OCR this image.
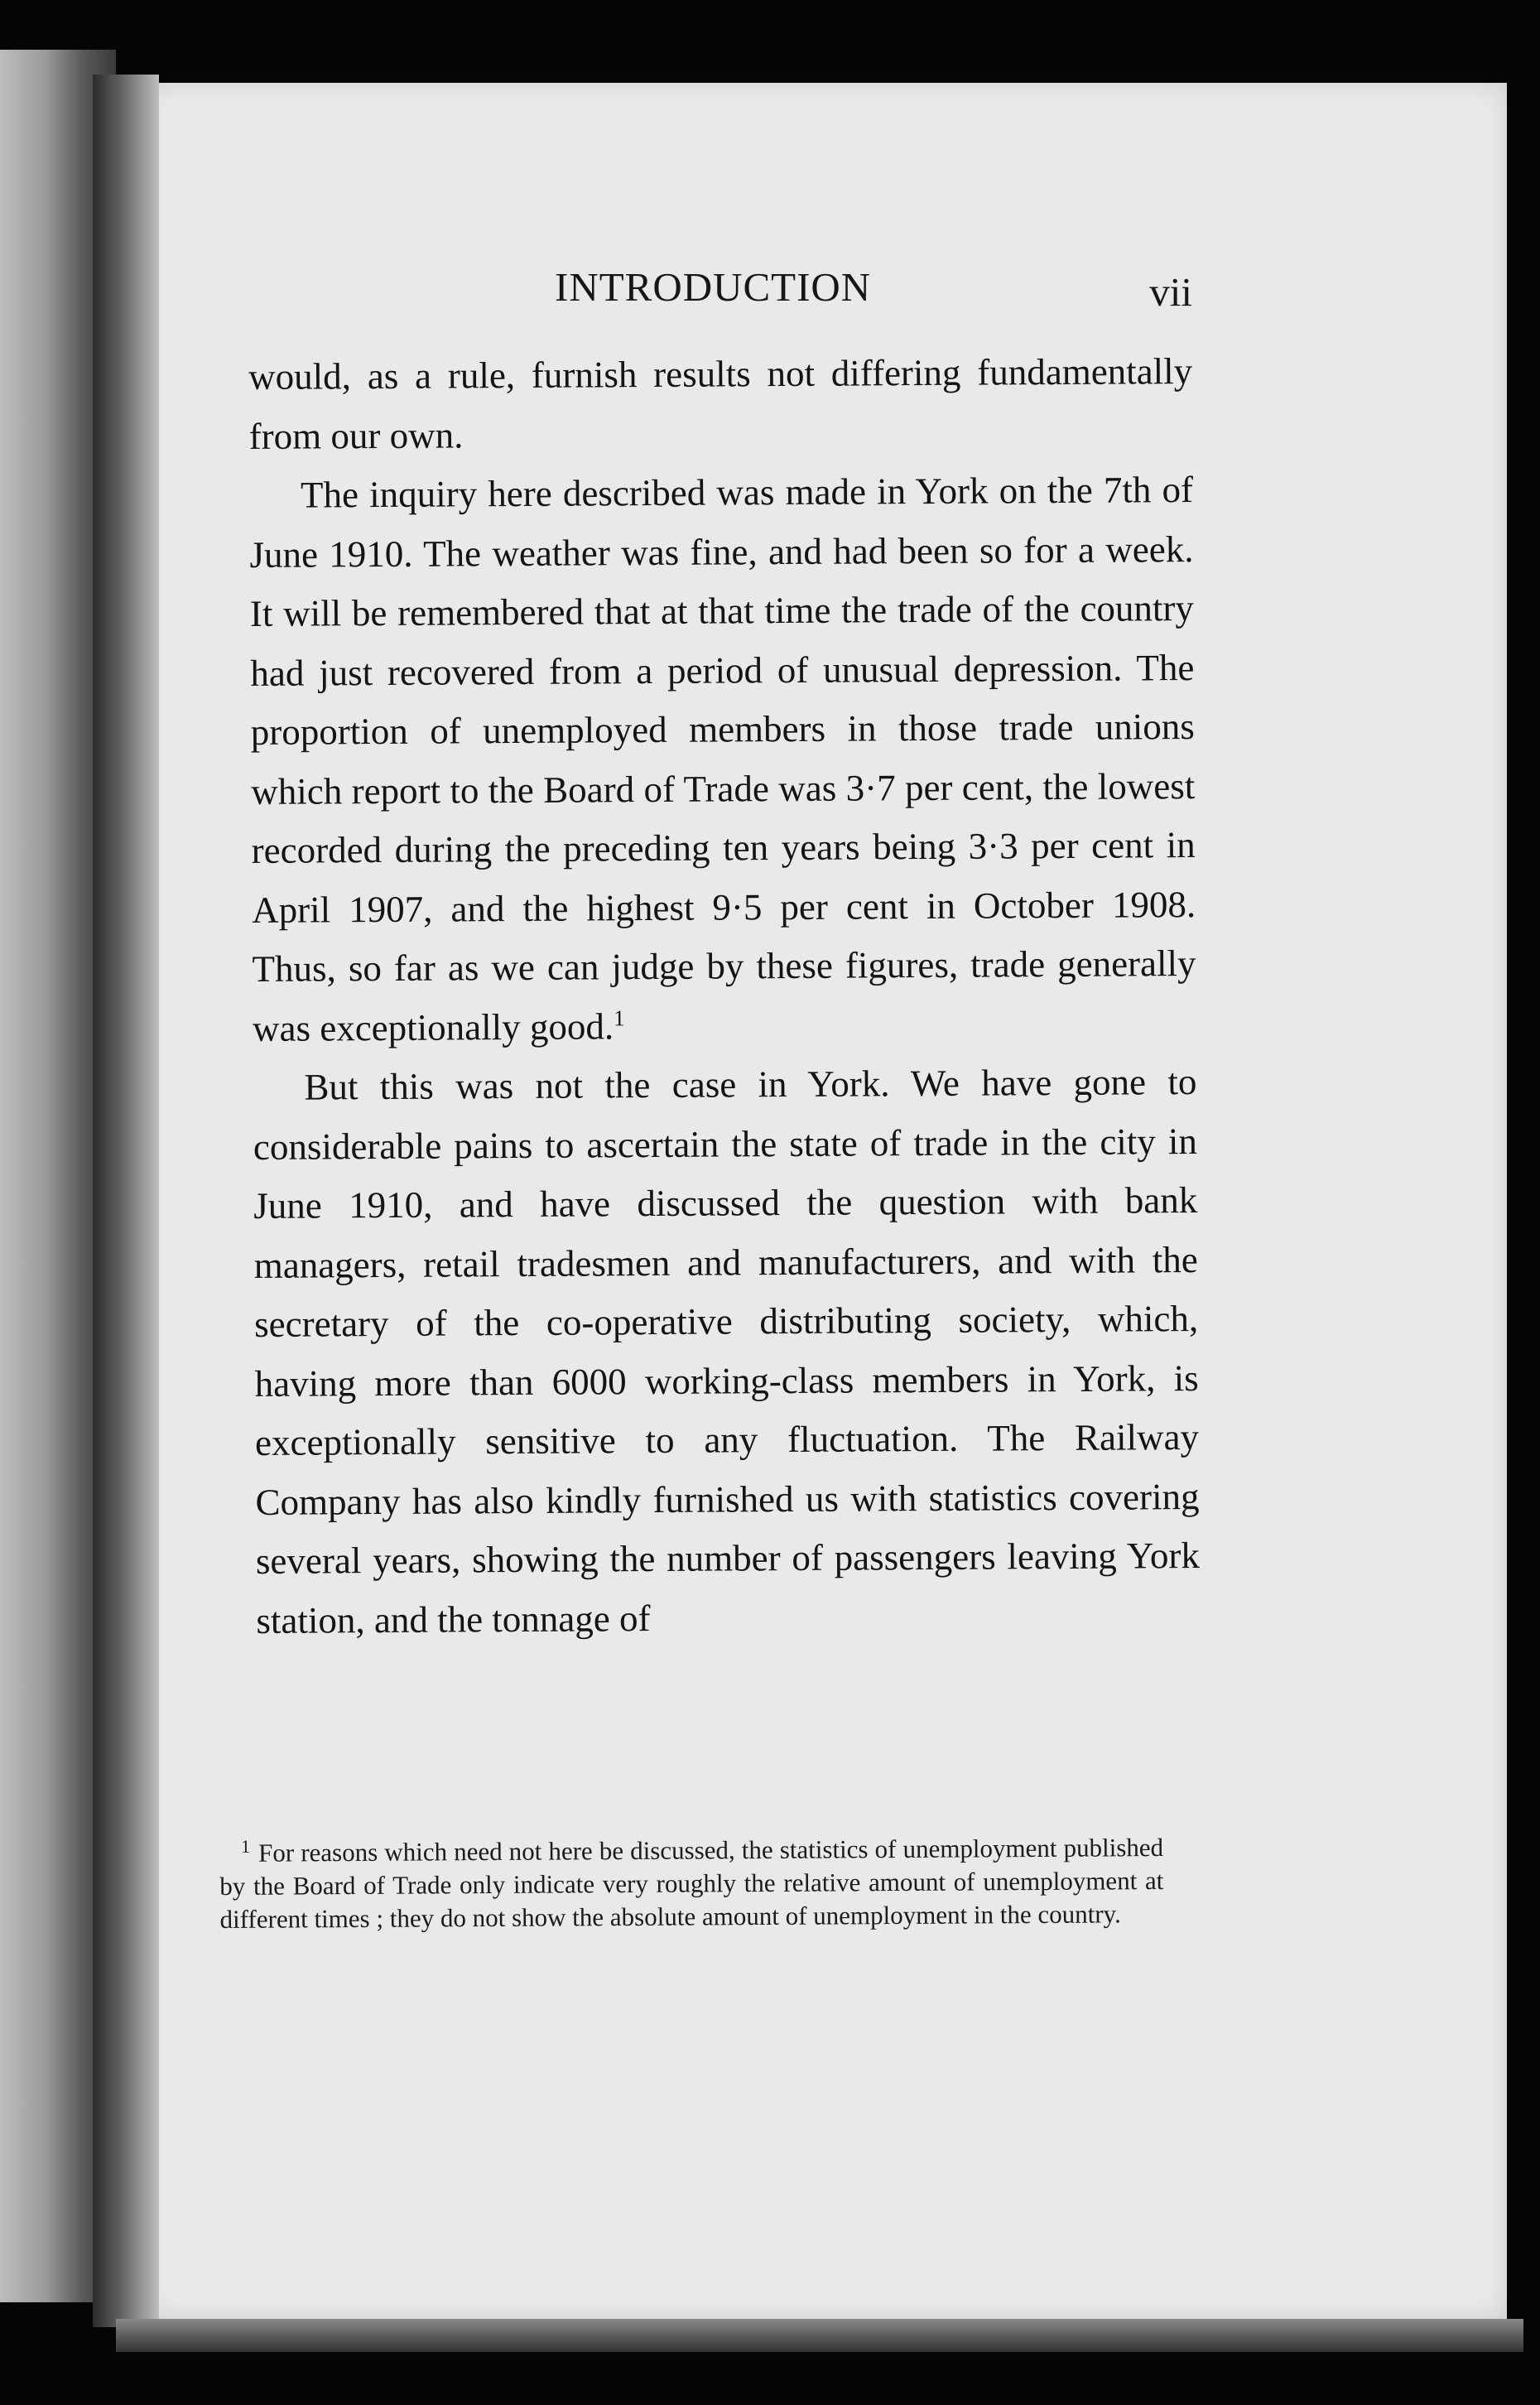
INTRODUCTION	vii

would, as a rule, furnish results not differing fundamentally from our own.

The inquiry here described was made in York on the 7th of June 1910. The weather was fine, and had been so for a week. It will be remembered that at that time the trade of the country had just recovered from a period of unusual depression. The proportion of unemployed members in those trade unions which report to the Board of Trade was 3·7 per cent, the lowest recorded during the preceding ten years being 3·3 per cent in April 1907, and the highest 9·5 per cent in October 1908. Thus, so far as we can judge by these figures, trade generally was exceptionally good.$^1$

But this was not the case in York. We have gone to considerable pains to ascertain the state of trade in the city in June 1910, and have discussed the question with bank managers, retail tradesmen and manufacturers, and with the secretary of the co-operative distributing society, which, having more than 6000 working-class members in York, is exceptionally sensitive to any fluctuation. The Railway Company has also kindly furnished us with statistics covering several years, showing the number of passengers leaving York station, and the tonnage of

$^1$ For reasons which need not here be discussed, the statistics of unemployment published by the Board of Trade only indicate very roughly the relative amount of unemployment at different times ; they do not show the absolute amount of unemployment in the country.
